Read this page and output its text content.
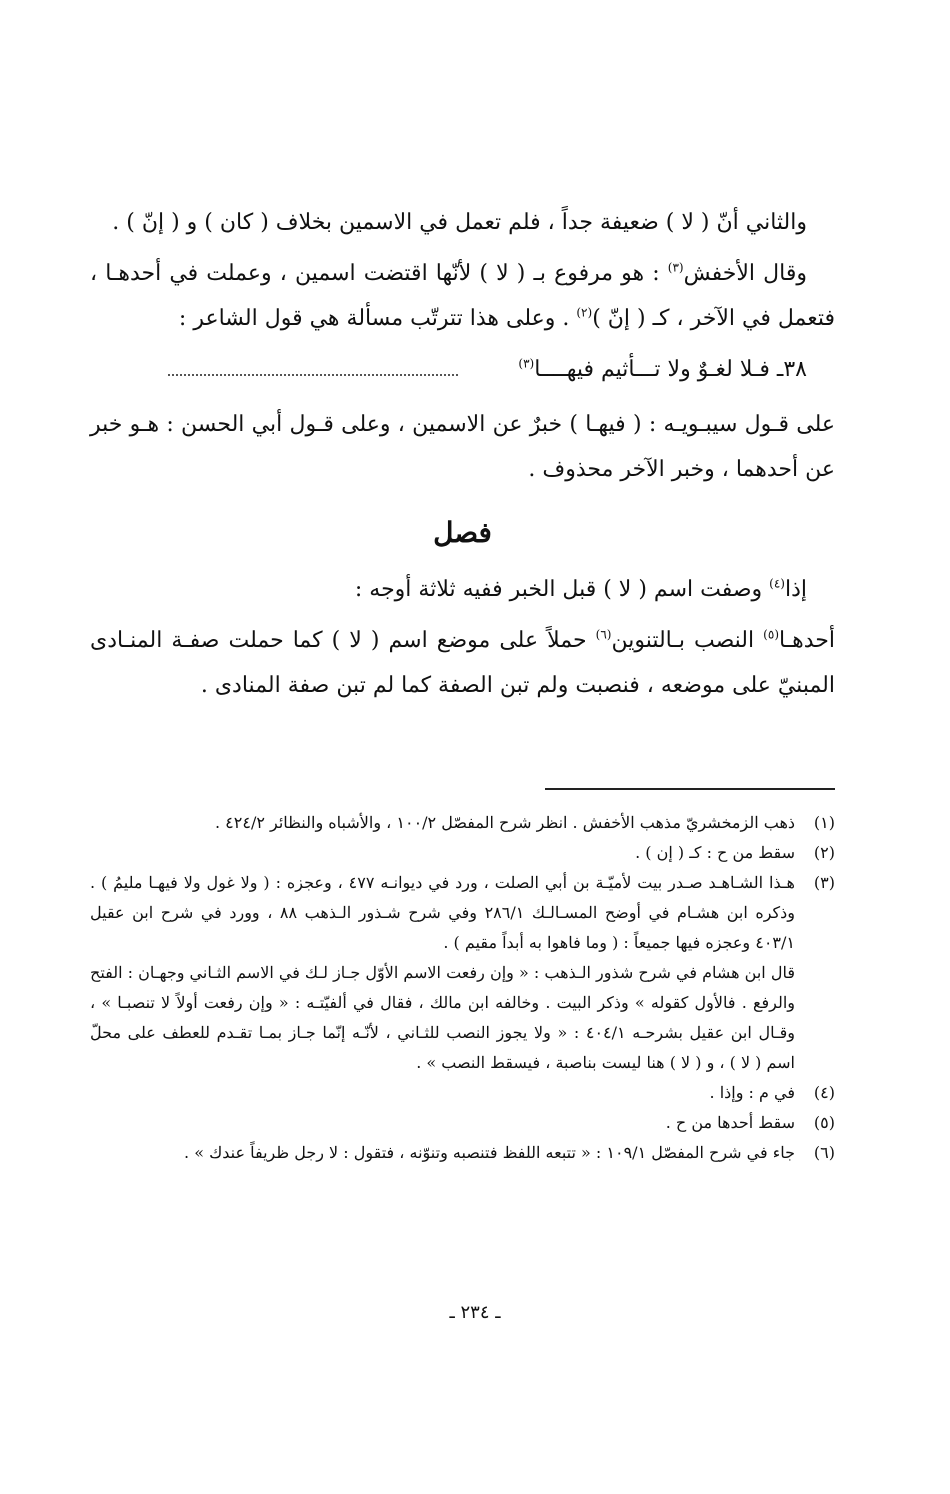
والثاني أنّ ( لا ) ضعيفة جداً ، فلم تعمل في الاسمين بخلاف ( كان ) و ( إنّ ) .

وقال الأخفش$^{(٣)}$ : هو مرفوع بـ ( لا ) لأنّها اقتضت اسمين ، وعملت في أحدهـا ، فتعمل في الآخر ، كـ ( إنّ )$^{(٢)}$ . وعلى هذا تترتّب مسألة هي قول الشاعر :

٣٨ـ فـلا لغـوٌ ولا تـــأثيم فيهــــا$^{(٣)}$

على قـول سيبـويـه : ( فيهـا ) خبرٌ عن الاسمين ، وعلى قـول أبي الحسن : هـو خبر عن أحدهما ، وخبر الآخر محذوف .

فصل

إذا$^{(٤)}$ وصفت اسم ( لا ) قبل الخبر ففيه ثلاثة أوجه :

أحدهـا$^{(٥)}$ النصب بـالتنوين$^{(٦)}$ حملاً على موضع اسم ( لا ) كما حملت صفـة المنـادى المبنيّ على موضعه ، فنصبت ولم تبن الصفة كما لم تبن صفة المنادى .

(١)
ذهب الزمخشريّ مذهب الأخفش . انظر شرح المفصّل ١٠٠/٢ ، والأشباه والنظائر ٤٢٤/٢ .
(٢)
سقط من ح : كـ ( إن ) .
(٣)
هـذا الشـاهـد صـدر بيت لأميّـة بن أبي الصلت ، ورد في ديوانـه ٤٧٧ ، وعجزه : ( ولا غول ولا فيهـا مليمُ ) . وذكره ابن هشـام في أوضح المسـالـك ٢٨٦/١ وفي شرح شـذور الـذهب ٨٨ ، وورد في شرح ابن عقيل ٤٠٣/١ وعجزه فيها جميعاً : ( وما فاهوا به أبداً مقيم ) .
قال ابن هشام في شرح شذور الـذهب : « وإن رفعت الاسم الأوّل جـاز لـك في الاسم الثـاني وجهـان : الفتح والرفع . فالأول كقوله » وذكر البيت . وخالفه ابن مالك ، فقال في ألفيّتـه : « وإن رفعت أولاً لا تنصبـا » ، وقـال ابن عقيل بشرحـه ٤٠٤/١ : « ولا يجوز النصب للثـاني ، لأنّـه إنّما جـاز بمـا تقـدم للعطف على محلّ اسم ( لا ) ، و ( لا ) هنا ليست بناصبة ، فيسقط النصب » .
(٤)
في م : وإذا .
(٥)
سقط أحدها من ح .
(٦)
جاء في شرح المفصّل ١٠٩/١ : « تتبعه اللفظ فتنصبه وتنوّنه ، فتقول : لا رجل ظريفاً عندك » .
ـ ٢٣٤ ـ
